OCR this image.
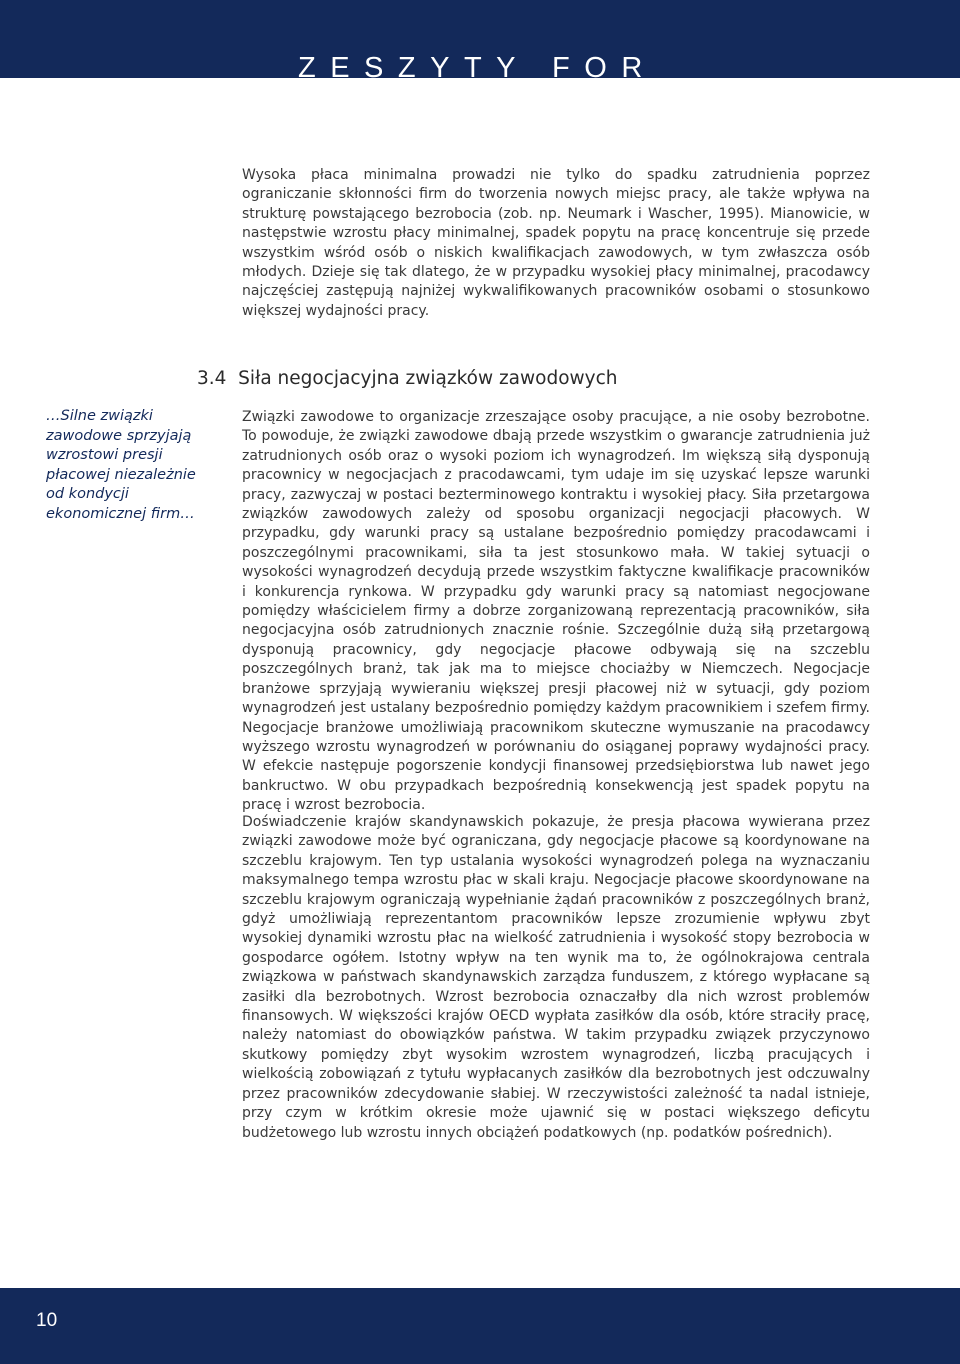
ZESZYTY FOR

Wysoka płaca minimalna prowadzi nie tylko do spadku zatrudnienia poprzez ograniczanie skłonności firm do tworzenia nowych miejsc pracy, ale także wpływa na strukturę powstającego bezrobocia (zob. np. Neumark i Wascher, 1995). Mianowicie, w następstwie wzrostu płacy minimalnej, spadek popytu na pracę koncentruje się przede wszystkim wśród osób o niskich kwalifikacjach zawodowych, w tym zwłaszcza osób młodych. Dzieje się tak dlatego, że w przypadku wysokiej płacy minimalnej, pracodawcy najczęściej zastępują najniżej wykwalifikowanych pracowników osobami o stosunkowo większej wydajności pracy.

3.4  Siła negocjacyjna związków zawodowych

…Silne związki zawodowe sprzyjają wzrostowi presji płacowej niezależnie od kondycji ekonomicznej firm…

Związki zawodowe to organizacje zrzeszające osoby pracujące, a nie osoby bezrobotne. To powoduje, że związki zawodowe dbają przede wszystkim o gwarancje zatrudnienia już zatrudnionych osób oraz o wysoki poziom ich wynagrodzeń. Im większą siłą dysponują pracownicy w negocjacjach z pracodawcami, tym udaje im się uzyskać lepsze warunki pracy, zazwyczaj w postaci bezterminowego kontraktu i wysokiej płacy. Siła przetargowa związków zawodowych zależy od sposobu organizacji negocjacji płacowych. W przypadku, gdy warunki pracy są ustalane bezpośrednio pomiędzy pracodawcami i poszczególnymi pracownikami, siła ta jest stosunkowo mała. W takiej sytuacji o wysokości wynagrodzeń decydują przede wszystkim faktyczne kwalifikacje pracowników i konkurencja rynkowa. W przypadku gdy warunki pracy są natomiast negocjowane pomiędzy właścicielem firmy a dobrze zorganizowaną reprezentacją pracowników, siła negocjacyjna osób zatrudnionych znacznie rośnie. Szczególnie dużą siłą przetargową dysponują pracownicy, gdy negocjacje płacowe odbywają się na szczeblu poszczególnych branż, tak jak ma to miejsce chociażby w Niemczech. Negocjacje branżowe sprzyjają wywieraniu większej presji płacowej niż w sytuacji, gdy poziom wynagrodzeń jest ustalany bezpośrednio pomiędzy każdym pracownikiem i szefem firmy. Negocjacje branżowe umożliwiają pracownikom skuteczne wymuszanie na pracodawcy wyższego wzrostu wynagrodzeń w porównaniu do osiąganej poprawy wydajności pracy. W efekcie następuje pogorszenie kondycji finansowej przedsiębiorstwa lub nawet jego bankructwo. W obu przypadkach bezpośrednią konsekwencją jest spadek popytu na pracę i wzrost bezrobocia.

Doświadczenie krajów skandynawskich pokazuje, że presja płacowa wywierana przez związki zawodowe może być ograniczana, gdy negocjacje płacowe są koordynowane na szczeblu krajowym. Ten typ ustalania wysokości wynagrodzeń polega na wyznaczaniu maksymalnego tempa wzrostu płac w skali kraju. Negocjacje płacowe skoordynowane na szczeblu krajowym ograniczają wypełnianie żądań pracowników z poszczególnych branż, gdyż umożliwiają reprezentantom pracowników lepsze zrozumienie wpływu zbyt wysokiej dynamiki wzrostu płac na wielkość zatrudnienia i wysokość stopy bezrobocia w gospodarce ogółem. Istotny wpływ na ten wynik ma to, że ogólnokrajowa centrala związkowa w państwach skandynawskich zarządza funduszem, z którego wypłacane są zasiłki dla bezrobotnych. Wzrost bezrobocia oznaczałby dla nich wzrost problemów finansowych. W większości krajów OECD wypłata zasiłków dla osób, które straciły pracę, należy natomiast do obowiązków państwa. W takim przypadku związek przyczynowo skutkowy pomiędzy zbyt wysokim wzrostem wynagrodzeń, liczbą pracujących i wielkością zobowiązań z tytułu wypłacanych zasiłków dla bezrobotnych jest odczuwalny przez pracowników zdecydowanie słabiej. W rzeczywistości zależność ta nadal istnieje, przy czym w krótkim okresie może ujawnić się w postaci większego deficytu budżetowego lub wzrostu innych obciążeń podatkowych (np. podatków pośrednich).

10
